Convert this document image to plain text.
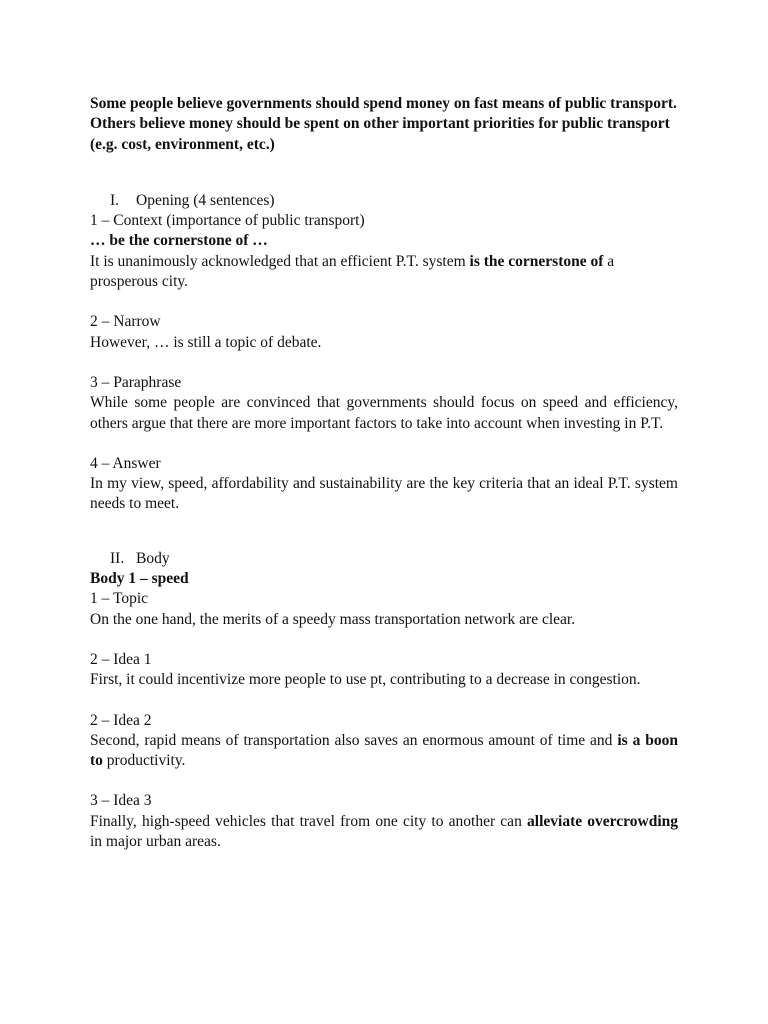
Some people believe governments should spend money on fast means of public transport. Others believe money should be spent on other important priorities for public transport (e.g. cost, environment, etc.)

I.	Opening (4 sentences)

1 – Context (importance of public transport)

… be the cornerstone of …

It is unanimously acknowledged that an efficient P.T. system is the cornerstone of a prosperous city.

2 – Narrow

However, … is still a topic of debate.

3 – Paraphrase

While some people are convinced that governments should focus on speed and efficiency, others argue that there are more important factors to take into account when investing in P.T.

4 – Answer

In my view, speed, affordability and sustainability are the key criteria that an ideal P.T. system needs to meet.

II. Body

Body 1 – speed

1 – Topic

On the one hand, the merits of a speedy mass transportation network are clear.

2 – Idea 1

First, it could incentivize more people to use pt, contributing to a decrease in congestion.

2 – Idea 2

Second, rapid means of transportation also saves an enormous amount of time and is a boon to productivity.

3 – Idea 3

Finally, high-speed vehicles that travel from one city to another can alleviate overcrowding in major urban areas.
